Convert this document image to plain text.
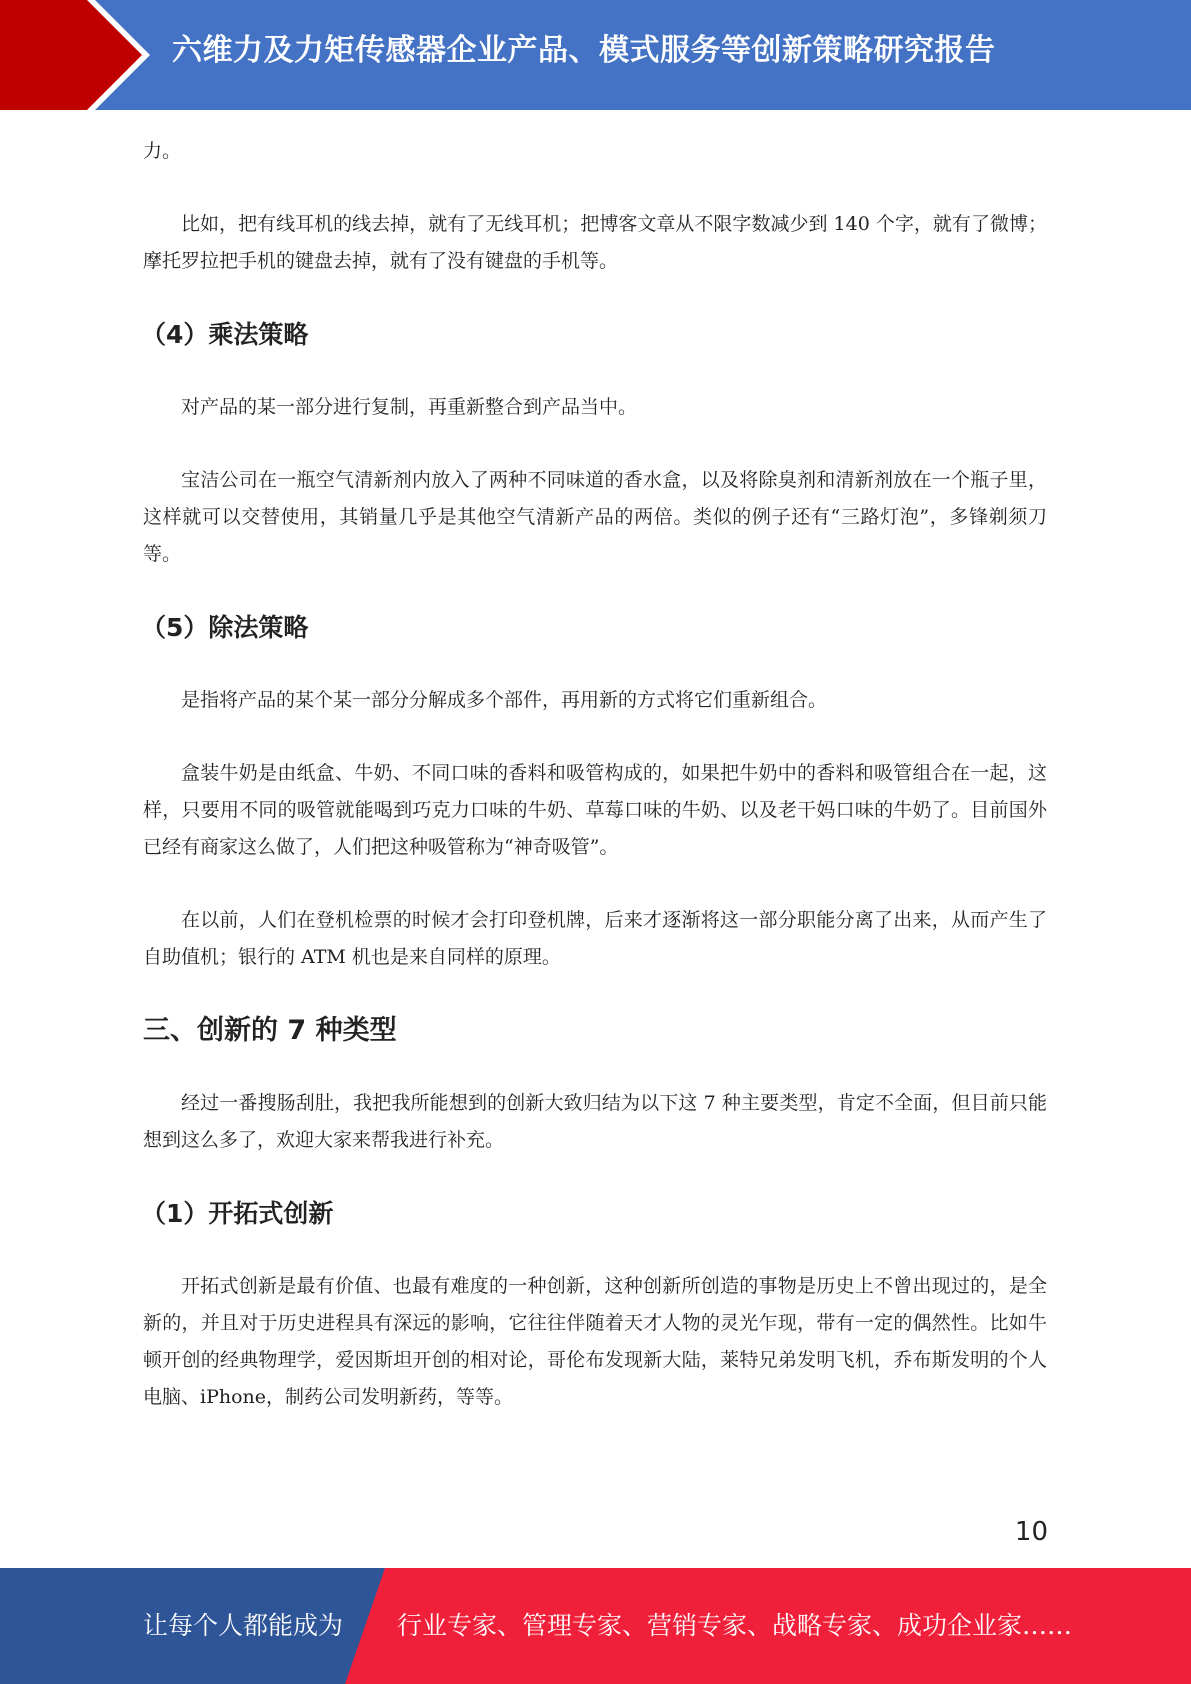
六维力及力矩传感器企业产品、模式服务等创新策略研究报告

力。

比如，把有线耳机的线去掉，就有了无线耳机；把博客文章从不限字数减少到 140 个字，就有了微博；摩托罗拉把手机的键盘去掉，就有了没有键盘的手机等。

（4）乘法策略

对产品的某一部分进行复制，再重新整合到产品当中。

宝洁公司在一瓶空气清新剂内放入了两种不同味道的香水盒，以及将除臭剂和清新剂放在一个瓶子里，这样就可以交替使用，其销量几乎是其他空气清新产品的两倍。类似的例子还有“三路灯泡”，多锋剃须刀等。

（5）除法策略

是指将产品的某个某一部分分解成多个部件，再用新的方式将它们重新组合。

盒装牛奶是由纸盒、牛奶、不同口味的香料和吸管构成的，如果把牛奶中的香料和吸管组合在一起，这样，只要用不同的吸管就能喝到巧克力口味的牛奶、草莓口味的牛奶、以及老干妈口味的牛奶了。目前国外已经有商家这么做了，人们把这种吸管称为“神奇吸管”。

在以前，人们在登机检票的时候才会打印登机牌，后来才逐渐将这一部分职能分离了出来，从而产生了自助值机；银行的 ATM 机也是来自同样的原理。

三、创新的 7 种类型

经过一番搜肠刮肚，我把我所能想到的创新大致归结为以下这 7 种主要类型，肯定不全面，但目前只能想到这么多了，欢迎大家来帮我进行补充。

（1）开拓式创新

开拓式创新是最有价值、也最有难度的一种创新，这种创新所创造的事物是历史上不曾出现过的，是全新的，并且对于历史进程具有深远的影响，它往往伴随着天才人物的灵光乍现，带有一定的偶然性。比如牛顿开创的经典物理学，爱因斯坦开创的相对论，哥伦布发现新大陆，莱特兄弟发明飞机，乔布斯发明的个人电脑、iPhone，制药公司发明新药，等等。

10
让每个人都能成为 行业专家、管理专家、营销专家、战略专家、成功企业家……
